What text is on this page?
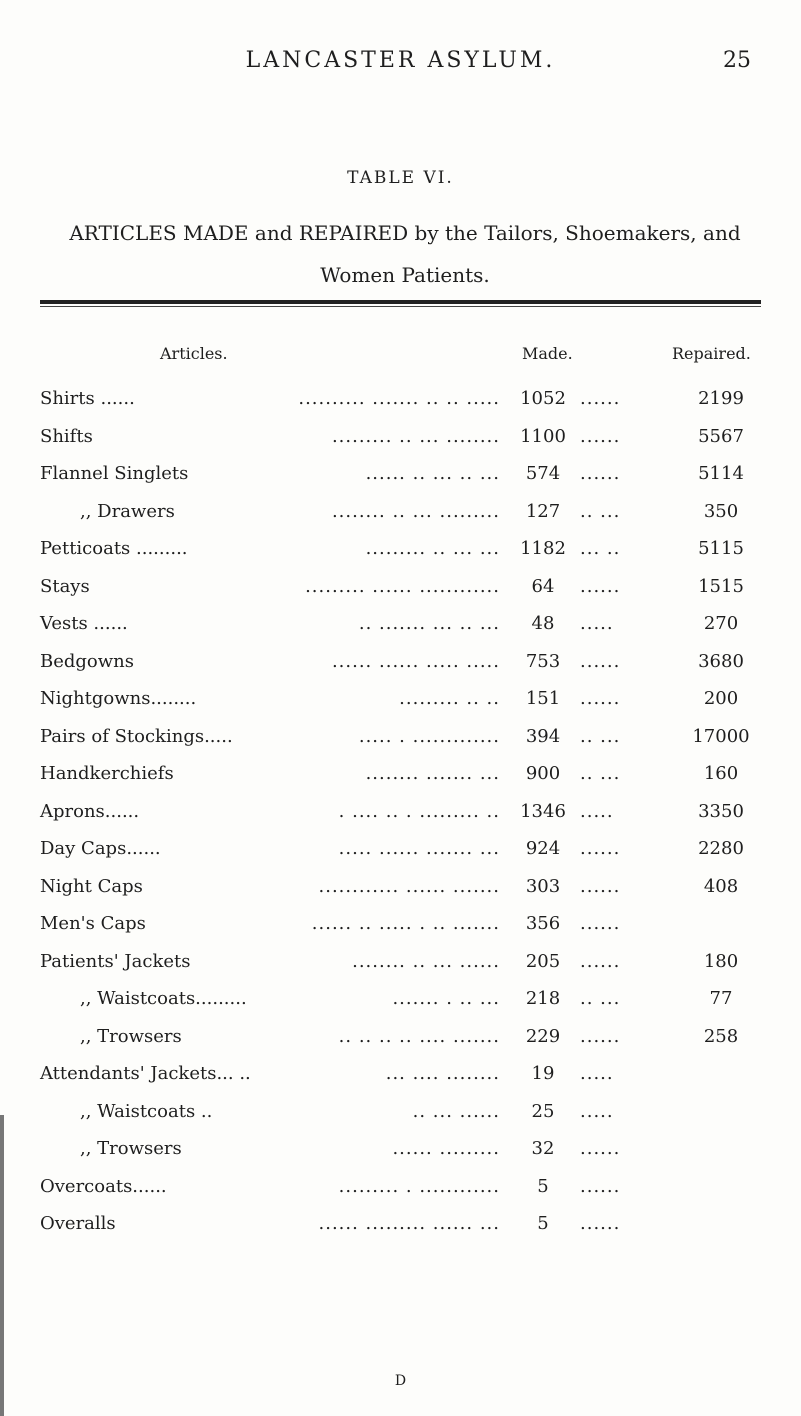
LANCASTER ASYLUM.	25
TABLE VI.
ARTICLES MADE and REPAIRED by the Tailors, Shoemakers, and Women Patients.
Articles.	Made.	Repaired.
Shirts ......	.......... ....... .. .. .....	1052 ......	2199
Shifts	......... .. ... ........	1100 ......	5567
Flannel Singlets	...... .. ... .. ...	574	......	5114
,, Drawers	........ .. ... .........	127	.. ...	350
Petticoats .........	......... .. ... ...	1182 ... ..	5115
Stays	......... ...... ............	64	......	1515
Vests ......	.. ....... ... .. ...	48	.....	270
Bedgowns	...... ...... ..... .....	753	......	3680
Nightgowns........	......... .. ..	151	......	200
Pairs of Stockings.....	..... . .............	394	.. ...	17000
Handkerchiefs	........ ....... ...	900	.. ...	160
Aprons......	. .... .. . ......... ..	1346 .....	3350
Day Caps......	..... ...... ....... ...	924	......	2280
Night Caps	............ ...... .......	303	......	408
Men's Caps	...... .. ..... . .. .......	356	......
Patients' Jackets	........ .. ... ......	205	......	180
,, Waistcoats.........	....... . .. ...	218	.. ...	77
,, Trowsers	.. .. .. .. .... .......	229	......	258
Attendants' Jackets... ..	... .... ........	19	.....
,, Waistcoats ..	.. ... ......	25	.....
,, Trowsers	...... .........	32	......
Overcoats......	......... . ............	5	......
Overalls	...... ......... ...... ...	5	......
D
